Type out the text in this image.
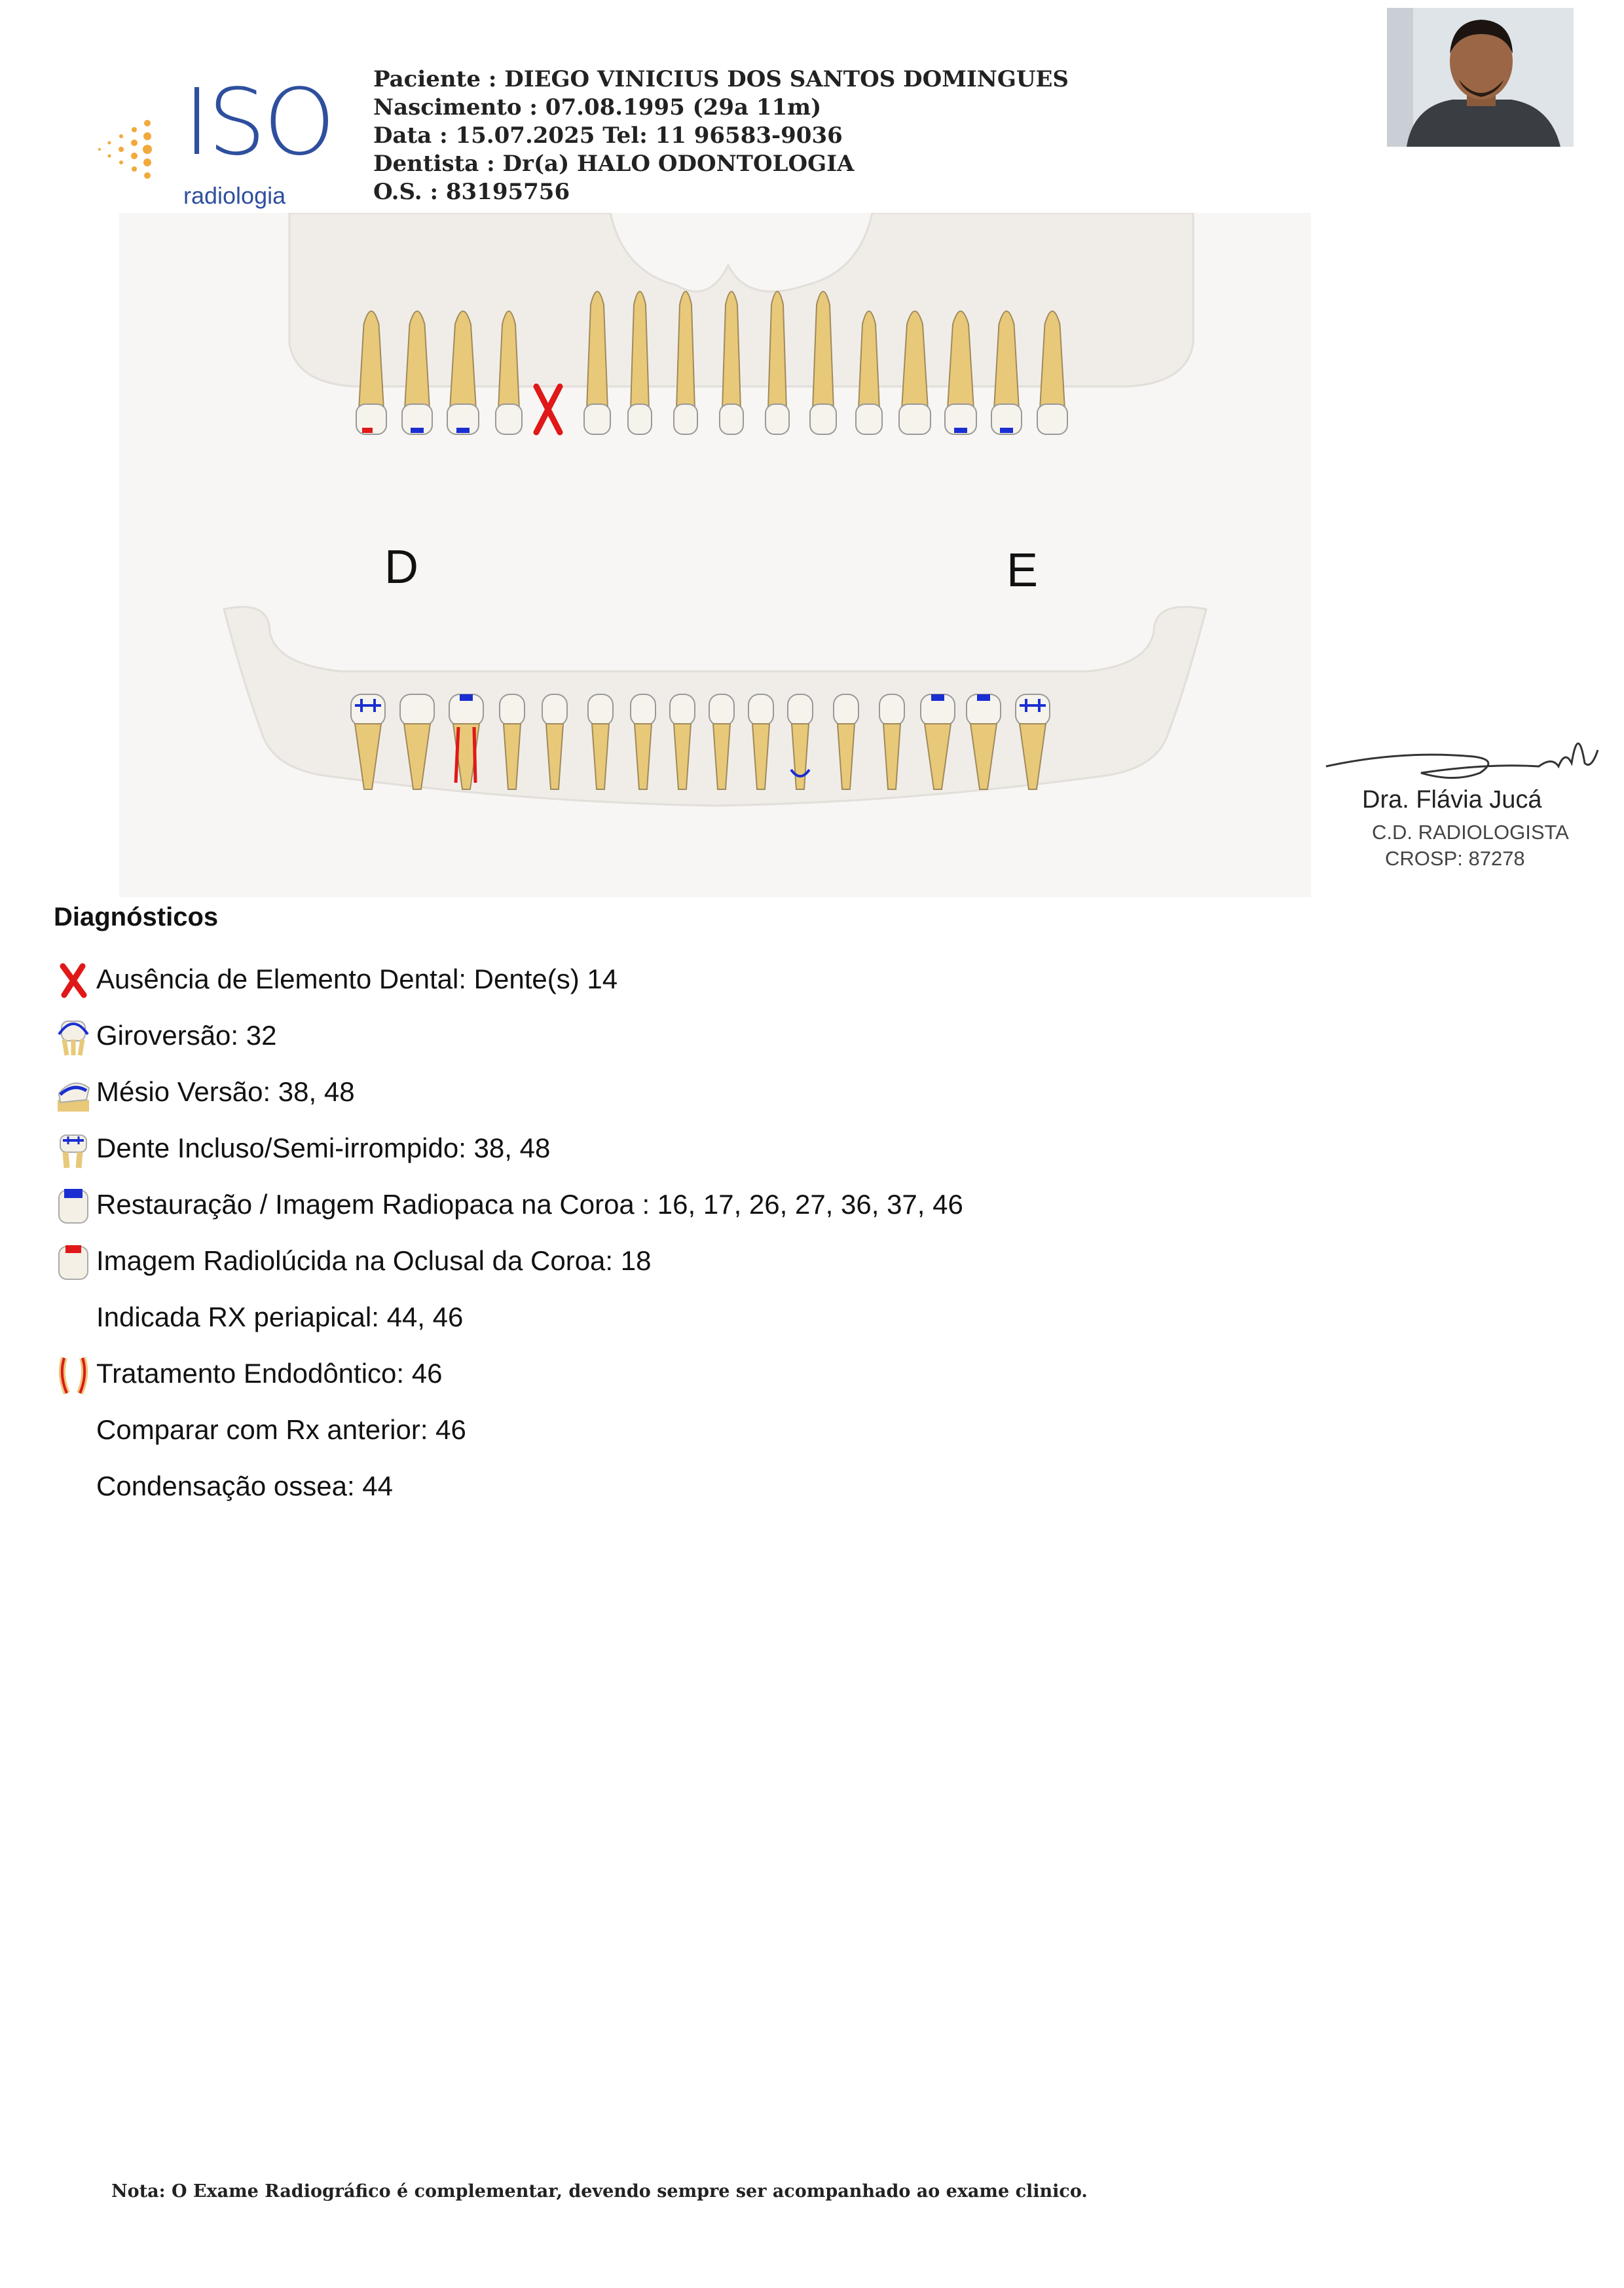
ISO
radiologia
Paciente : DIEGO VINICIUS DOS SANTOS DOMINGUES
Nascimento : 07.08.1995 (29a 11m)
Data : 15.07.2025 Tel: 11 96583-9036
Dentista : Dr(a) HALO ODONTOLOGIA
O.S. : 83195756
D	E
Dra. Flávia Jucá
C.D. RADIOLOGISTA
CROSP: 87278
Diagnósticos
Ausência de Elemento Dental: Dente(s) 14
Giroversão: 32
Mésio Versão: 38, 48
Dente Incluso/Semi-irrompido: 38, 48
Restauração / Imagem Radiopaca na Coroa : 16, 17, 26, 27, 36, 37, 46
Imagem Radiolúcida na Oclusal da Coroa: 18
Indicada RX periapical: 44, 46
Tratamento Endodôntico: 46
Comparar com Rx anterior: 46
Condensação ossea: 44
Nota: O Exame Radiográfico é complementar, devendo sempre ser acompanhado ao exame clinico.
